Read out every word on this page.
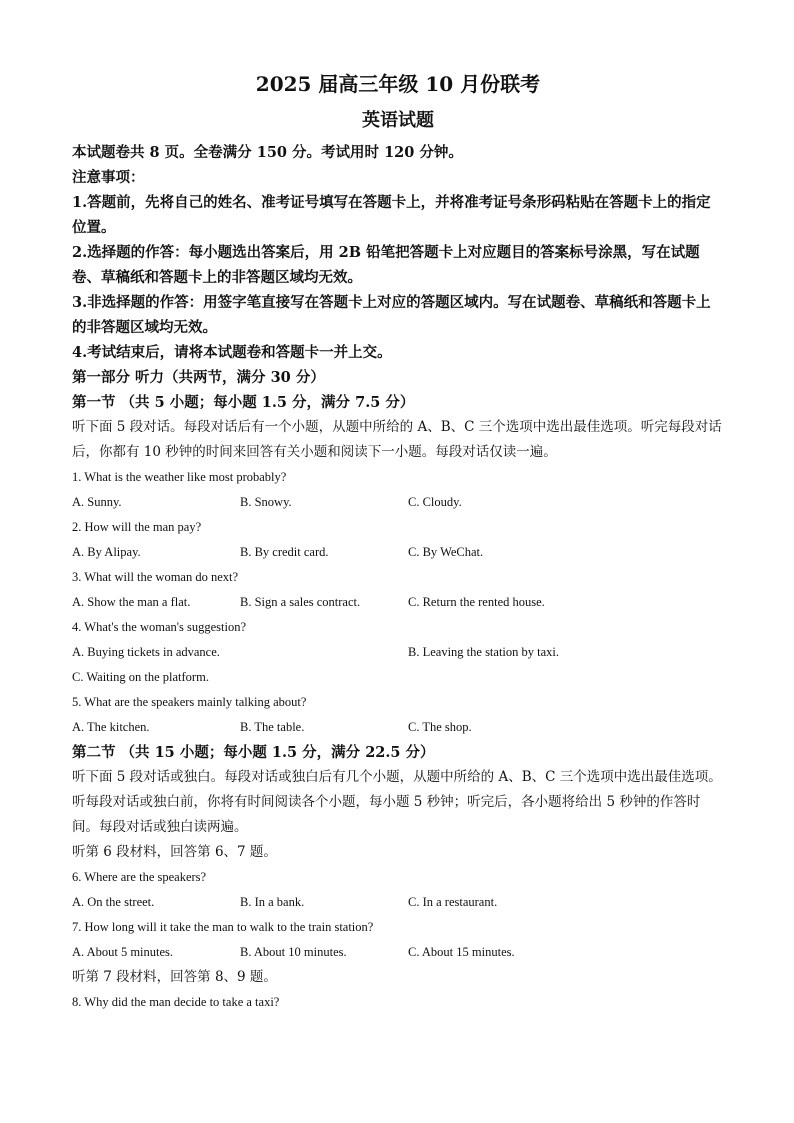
2025 届高三年级 10 月份联考
英语试题
本试题卷共 8 页。全卷满分 150 分。考试用时 120 分钟。
注意事项：
1.答题前，先将自己的姓名、准考证号填写在答题卡上，并将准考证号条形码粘贴在答题卡上的指定位置。
2.选择题的作答：每小题选出答案后，用 2B 铅笔把答题卡上对应题目的答案标号涂黑，写在试题卷、草稿纸和答题卡上的非答题区域均无效。
3.非选择题的作答：用签字笔直接写在答题卡上对应的答题区域内。写在试题卷、草稿纸和答题卡上的非答题区域均无效。
4.考试结束后，请将本试题卷和答题卡一并上交。
第一部分 听力（共两节，满分 30 分）
第一节 （共 5 小题；每小题 1.5 分，满分 7.5 分）
听下面 5 段对话。每段对话后有一个小题，从题中所给的 A、B、C 三个选项中选出最佳选项。听完每段对话后，你都有 10 秒钟的时间来回答有关小题和阅读下一小题。每段对话仅读一遍。
1. What is the weather like most probably?
A. Sunny.	B. Snowy.	C. Cloudy.
2. How will the man pay?
A. By Alipay.	B. By credit card.	C. By WeChat.
3. What will the woman do next?
A. Show the man a flat.	B. Sign a sales contract.	C. Return the rented house.
4. What's the woman's suggestion?
A. Buying tickets in advance.	B. Leaving the station by taxi.
C. Waiting on the platform.
5. What are the speakers mainly talking about?
A. The kitchen.	B. The table.	C. The shop.
第二节 （共 15 小题；每小题 1.5 分，满分 22.5 分）
听下面 5 段对话或独白。每段对话或独白后有几个小题，从题中所给的 A、B、C 三个选项中选出最佳选项。听每段对话或独白前，你将有时间阅读各个小题，每小题 5 秒钟；听完后，各小题将给出 5 秒钟的作答时间。每段对话或独白读两遍。
听第 6 段材料，回答第 6、7 题。
6. Where are the speakers?
A. On the street.	B. In a bank.	C. In a restaurant.
7. How long will it take the man to walk to the train station?
A. About 5 minutes.	B. About 10 minutes.	C. About 15 minutes.
听第 7 段材料，回答第 8、9 题。
8. Why did the man decide to take a taxi?
